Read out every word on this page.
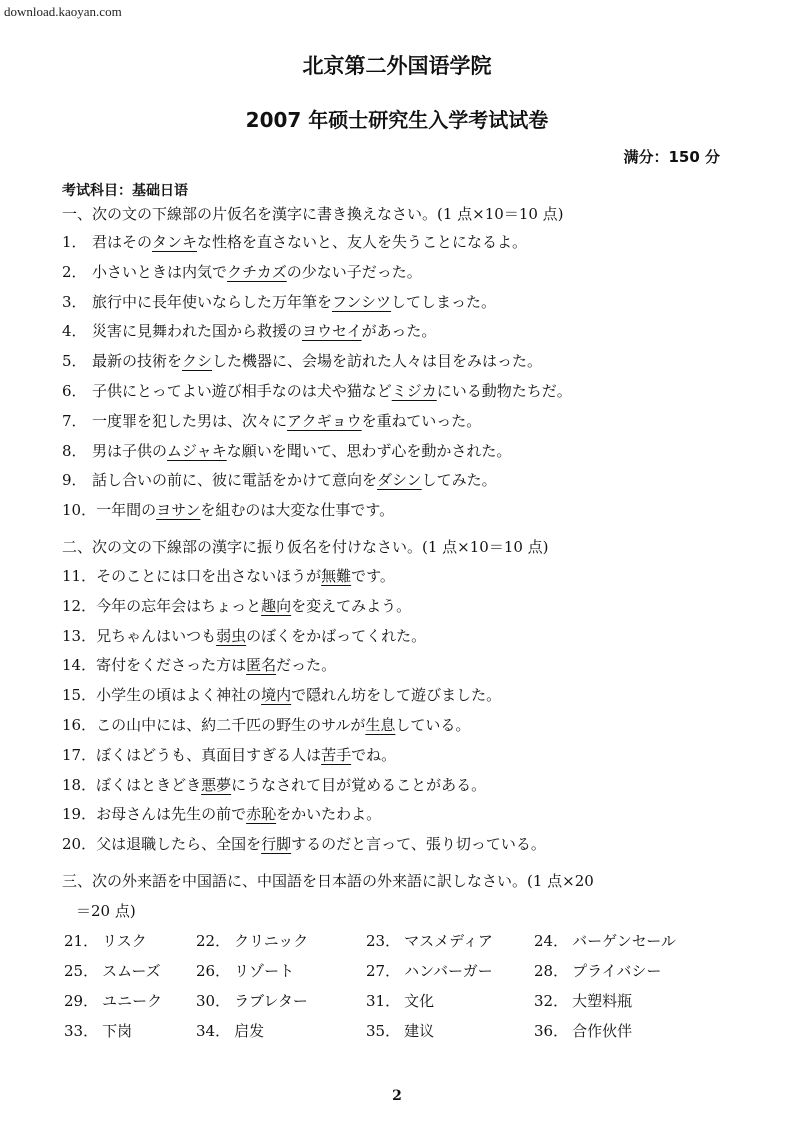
download.kaoyan.com
北京第二外国语学院
2007 年硕士研究生入学考试试卷
满分：150 分
考试科目：基础日语
一、次の文の下線部の片仮名を漢字に書き換えなさい。(1 点×10＝10 点)
1． 君はそのタンキな性格を直さないと、友人を失うことになるよ。
2． 小さいときは内気でクチカズの少ない子だった。
3． 旅行中に長年使いならした万年筆をフンシツしてしまった。
4． 災害に見舞われた国から救援のヨウセイがあった。
5． 最新の技術をクシした機器に、会場を訪れた人々は目をみはった。
6． 子供にとってよい遊び相手なのは犬や猫などミジカにいる動物たちだ。
7． 一度罪を犯した男は、次々にアクギョウを重ねていった。
8． 男は子供のムジャキな願いを聞いて、思わず心を動かされた。
9． 話し合いの前に、彼に電話をかけて意向をダシンしてみた。
10．一年間のヨサンを組むのは大変な仕事です。
二、次の文の下線部の漢字に振り仮名を付けなさい。(1 点×10＝10 点)
11．そのことには口を出さないほうが無難です。
12．今年の忘年会はちょっと趣向を変えてみよう。
13．兄ちゃんはいつも弱虫のぼくをかばってくれた。
14．寄付をくださった方は匿名だった。
15．小学生の頃はよく神社の境内で隠れん坊をして遊びました。
16．この山中には、約二千匹の野生のサルが生息している。
17．ぼくはどうも、真面目すぎる人は苦手でね。
18．ぼくはときどき悪夢にうなされて目が覚めることがある。
19．お母さんは先生の前で赤恥をかいたわよ。
20．父は退職したら、全国を行脚するのだと言って、張り切っている。
三、次の外来語を中国語に、中国語を日本語の外来語に訳しなさい。(1 点×20
＝20 点)
21． リスク	22． クリニック	23． マスメディア	24． バーゲンセール
25． スムーズ 26． リゾート	27． ハンバーガー	28． プライバシー
29． ユニーク 30． ラブレター	31． 文化	32． 大塑料瓶
33． 下岗	34． 启发	35． 建议	36． 合作伙伴
2
